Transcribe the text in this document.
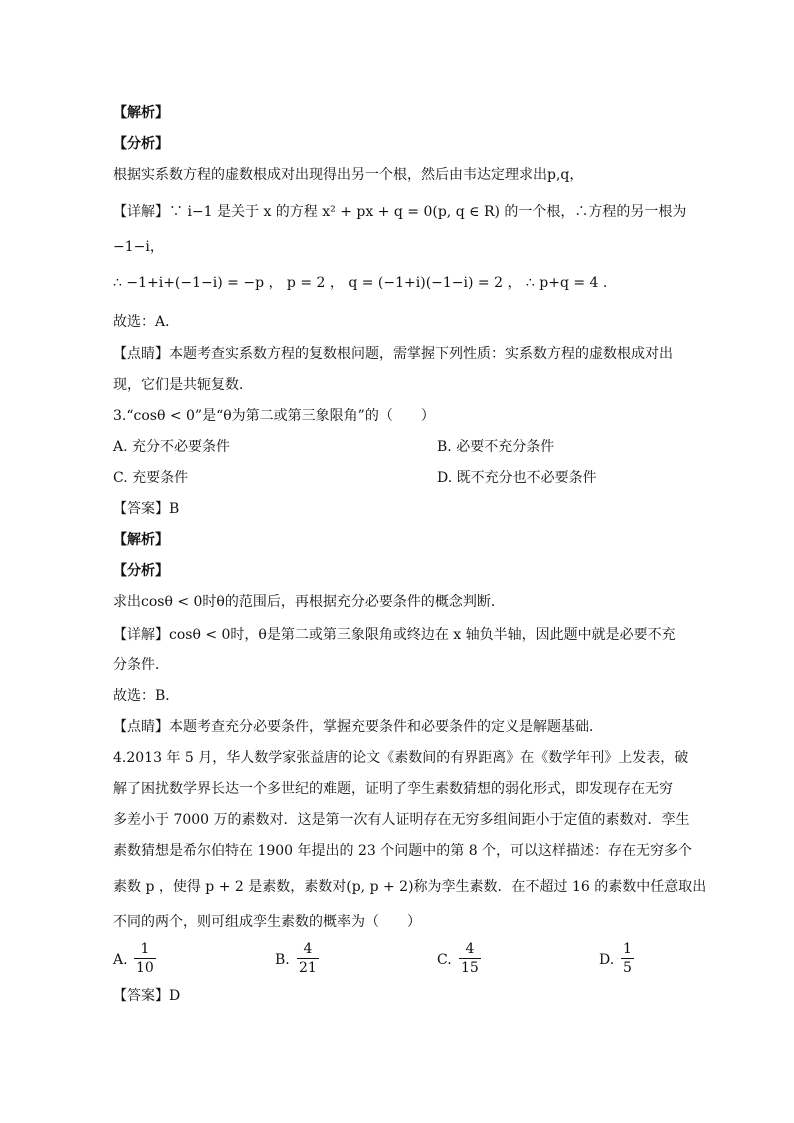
【解析】
【分析】
根据实系数方程的虚数根成对出现得出另一个根，然后由韦达定理求出p,q，
【详解】∵ i−1 是关于 x 的方程 x² + px + q = 0(p, q ∈ R) 的一个根，∴方程的另一根为
−1−i，
∴ −1+i+(−1−i) = −p ， p = 2 ， q = (−1+i)(−1−i) = 2 ， ∴ p+q = 4 .
故选：A．
【点睛】本题考查实系数方程的复数根问题，需掌握下列性质：实系数方程的虚数根成对出
现，它们是共轭复数．
3.“cosθ < 0”是“θ为第二或第三象限角”的（　　）
A. 充分不必要条件	B. 必要不充分条件
C. 充要条件	D. 既不充分也不必要条件
【答案】B
【解析】
【分析】
求出cosθ < 0时θ的范围后，再根据充分必要条件的概念判断．
【详解】cosθ < 0时，θ是第二或第三象限角或终边在 x 轴负半轴，因此题中就是必要不充
分条件．
故选：B．
【点睛】本题考查充分必要条件，掌握充要条件和必要条件的定义是解题基础．
4.2013 年 5 月，华人数学家张益唐的论文《素数间的有界距离》在《数学年刊》上发表，破
解了困扰数学界长达一个多世纪的难题，证明了孪生素数猜想的弱化形式，即发现存在无穷
多差小于 7000 万的素数对．这是第一次有人证明存在无穷多组间距小于定值的素数对．孪生
素数猜想是希尔伯特在 1900 年提出的 23 个问题中的第 8 个，可以这样描述：存在无穷多个
素数 p ，使得 p + 2 是素数，素数对(p, p + 2)称为孪生素数．在不超过 16 的素数中任意取出
不同的两个，则可组成孪生素数的概率为（　　）
A. $\frac{1}{10}$	B. $\frac{4}{21}$	C. $\frac{4}{15}$	D. $\frac{1}{5}$
【答案】D
